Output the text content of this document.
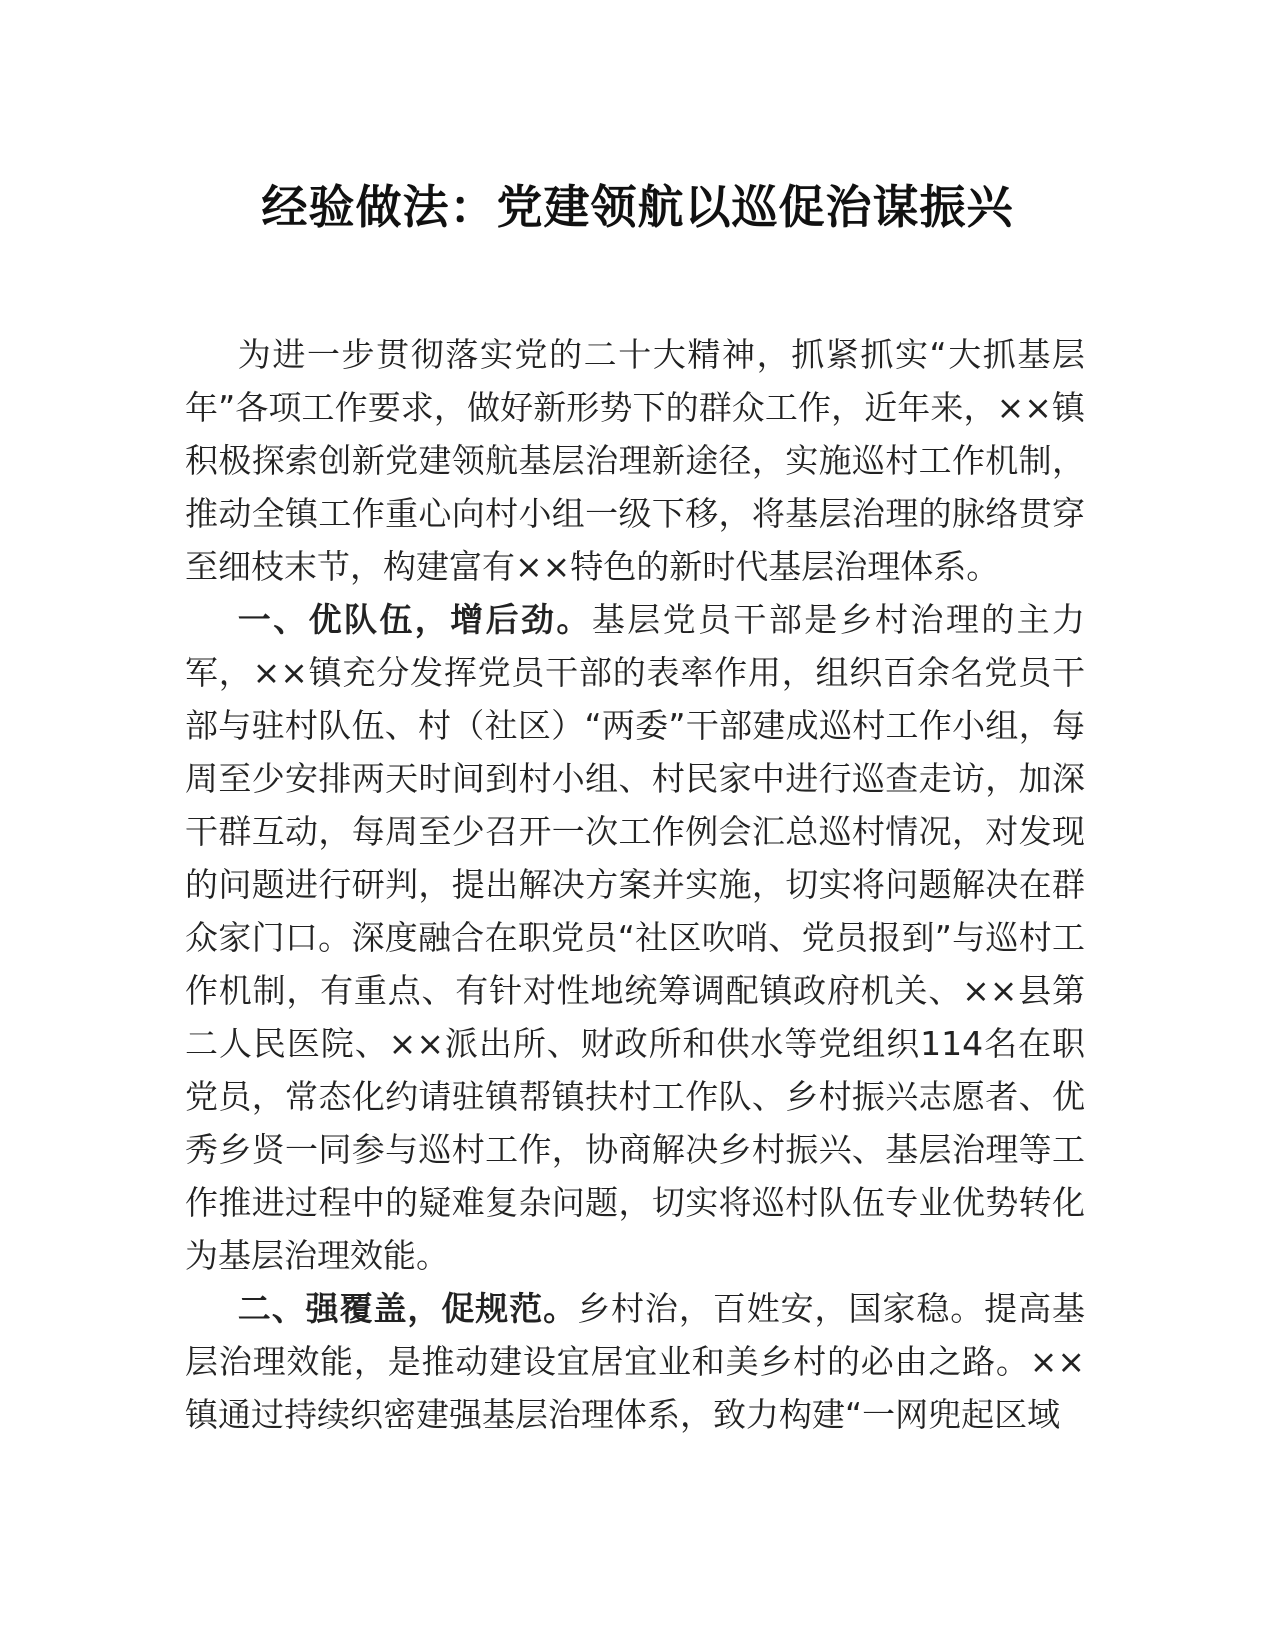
经验做法：党建领航以巡促治谋振兴

为进一步贯彻落实党的二十大精神，抓紧抓实“大抓基层年”各项工作要求，做好新形势下的群众工作，近年来，××镇积极探索创新党建领航基层治理新途径，实施巡村工作机制，推动全镇工作重心向村小组一级下移，将基层治理的脉络贯穿至细枝末节，构建富有××特色的新时代基层治理体系。

一、优队伍，增后劲。基层党员干部是乡村治理的主力军，××镇充分发挥党员干部的表率作用，组织百余名党员干部与驻村队伍、村（社区）“两委”干部建成巡村工作小组，每周至少安排两天时间到村小组、村民家中进行巡查走访，加深干群互动，每周至少召开一次工作例会汇总巡村情况，对发现的问题进行研判，提出解决方案并实施，切实将问题解决在群众家门口。深度融合在职党员“社区吹哨、党员报到”与巡村工作机制，有重点、有针对性地统筹调配镇政府机关、××县第二人民医院、××派出所、财政所和供水等党组织114名在职党员，常态化约请驻镇帮镇扶村工作队、乡村振兴志愿者、优秀乡贤一同参与巡村工作，协商解决乡村振兴、基层治理等工作推进过程中的疑难复杂问题，切实将巡村队伍专业优势转化为基层治理效能。

二、强覆盖，促规范。乡村治，百姓安，国家稳。提高基层治理效能，是推动建设宜居宜业和美乡村的必由之路。××镇通过持续织密建强基层治理体系，致力构建“一网兜起区域
